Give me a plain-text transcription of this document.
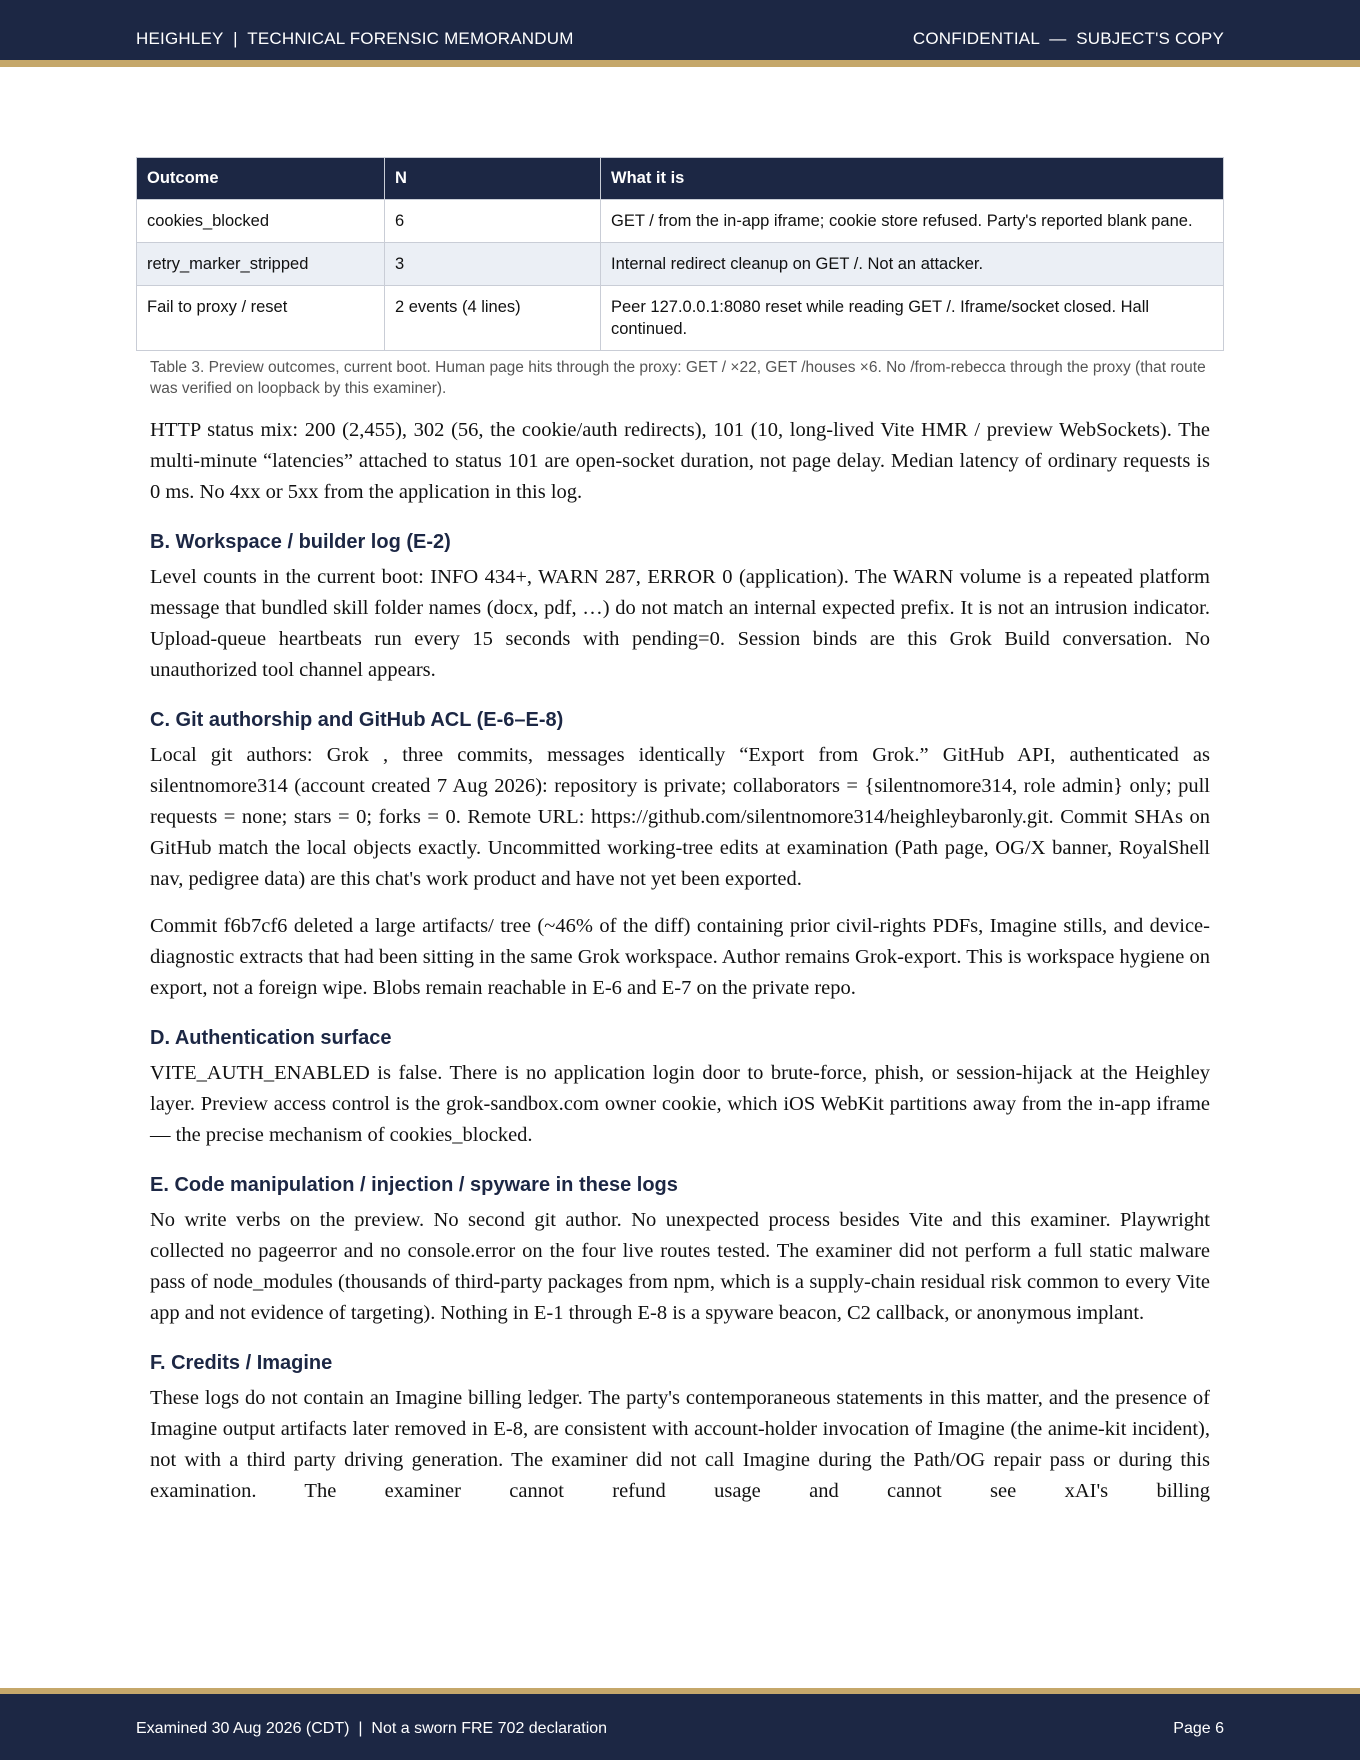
HEIGHLEY  |  TECHNICAL FORENSIC MEMORANDUM	CONFIDENTIAL  —  SUBJECT'S COPY
Outcome	N	What it is
cookies_blocked	6	GET / from the in-app iframe; cookie store refused. Party's reported blank pane.
retry_marker_stripped	3	Internal redirect cleanup on GET /. Not an attacker.
Fail to proxy / reset	2 events (4 lines)	Peer 127.0.0.1:8080 reset while reading GET /. Iframe/socket closed. Hall continued.
Table 3. Preview outcomes, current boot. Human page hits through the proxy: GET / ×22, GET /houses ×6. No /from-rebecca through the proxy (that route was verified on loopback by this examiner).

HTTP status mix: 200 (2,455), 302 (56, the cookie/auth redirects), 101 (10, long-lived Vite HMR / preview WebSockets). The multi-minute “latencies” attached to status 101 are open-socket duration, not page delay. Median latency of ordinary requests is 0 ms. No 4xx or 5xx from the application in this log.

B. Workspace / builder log (E-2)

Level counts in the current boot: INFO 434+, WARN 287, ERROR 0 (application). The WARN volume is a repeated platform message that bundled skill folder names (docx, pdf, …) do not match an internal expected prefix. It is not an intrusion indicator. Upload-queue heartbeats run every 15 seconds with pending=0. Session binds are this Grok Build conversation. No unauthorized tool channel appears.

C. Git authorship and GitHub ACL (E-6–E-8)

Local git authors: Grok , three commits, messages identically “Export from Grok.” GitHub API, authenticated as silentnomore314 (account created 7 Aug 2026): repository is private; collaborators = {silentnomore314, role admin} only; pull requests = none; stars = 0; forks = 0. Remote URL: https://github.com/silentnomore314/heighleybaronly.git. Commit SHAs on GitHub match the local objects exactly. Uncommitted working-tree edits at examination (Path page, OG/X banner, RoyalShell nav, pedigree data) are this chat's work product and have not yet been exported.

Commit f6b7cf6 deleted a large artifacts/ tree (~46% of the diff) containing prior civil-rights PDFs, Imagine stills, and device-diagnostic extracts that had been sitting in the same Grok workspace. Author remains Grok-export. This is workspace hygiene on export, not a foreign wipe. Blobs remain reachable in E-6 and E-7 on the private repo.

D. Authentication surface

VITE_AUTH_ENABLED is false. There is no application login door to brute-force, phish, or session-hijack at the Heighley layer. Preview access control is the grok-sandbox.com owner cookie, which iOS WebKit partitions away from the in-app iframe — the precise mechanism of cookies_blocked.

E. Code manipulation / injection / spyware in these logs

No write verbs on the preview. No second git author. No unexpected process besides Vite and this examiner. Playwright collected no pageerror and no console.error on the four live routes tested. The examiner did not perform a full static malware pass of node_modules (thousands of third-party packages from npm, which is a supply-chain residual risk common to every Vite app and not evidence of targeting). Nothing in E-1 through E-8 is a spyware beacon, C2 callback, or anonymous implant.

F. Credits / Imagine

These logs do not contain an Imagine billing ledger. The party's contemporaneous statements in this matter, and the presence of Imagine output artifacts later removed in E-8, are consistent with account-holder invocation of Imagine (the anime-kit incident), not with a third party driving generation. The examiner did not call Imagine during the Path/OG repair pass or during this examination. The examiner cannot refund usage and cannot see xAI's billing

Examined 30 Aug 2026 (CDT)  |  Not a sworn FRE 702 declaration	Page 6
